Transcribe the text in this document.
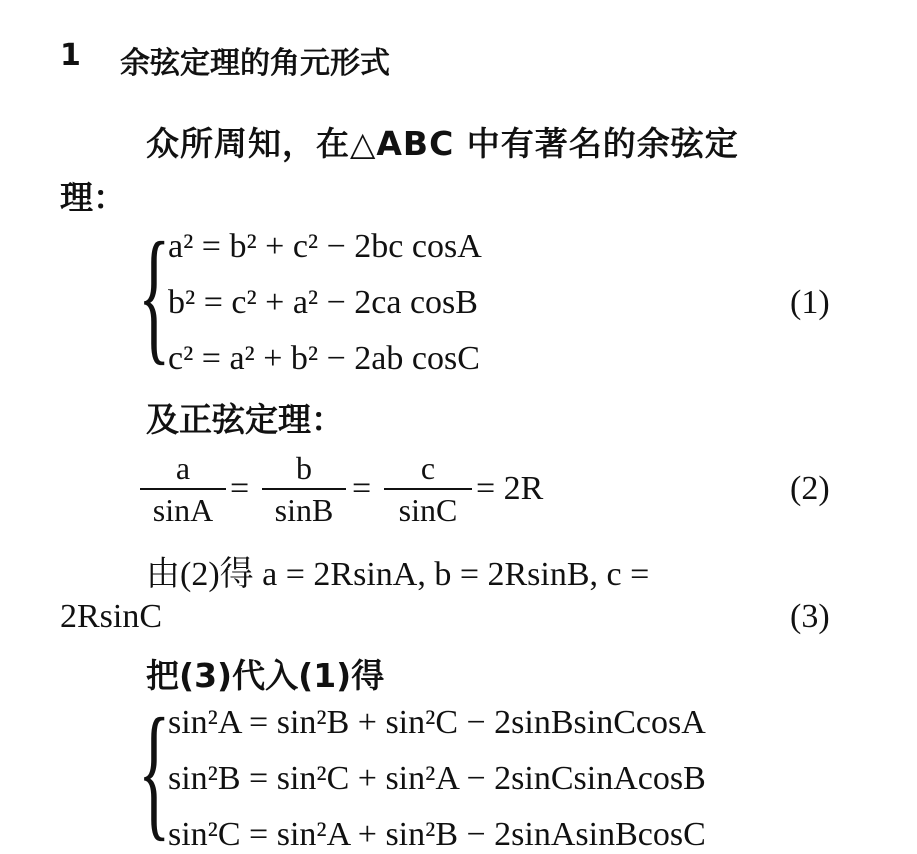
1 余弦定理的角元形式
众所周知，在△ABC 中有著名的余弦定
理：
{
a² = b² + c² − 2bc cosA
b² = c² + a² − 2ca cosB
c² = a² + b² − 2ab cosC
(1)
及正弦定理：
a
sinA
=
b
sinB
=
c
sinC
= 2R	(2)
由(2)得 a = 2RsinA, b = 2RsinB, c =
2RsinC	(3)
把(3)代入(1)得
{
sin²A = sin²B + sin²C − 2sinBsinCcosA
sin²B = sin²C + sin²A − 2sinCsinAcosB
sin²C = sin²A + sin²B − 2sinAsinBcosC
